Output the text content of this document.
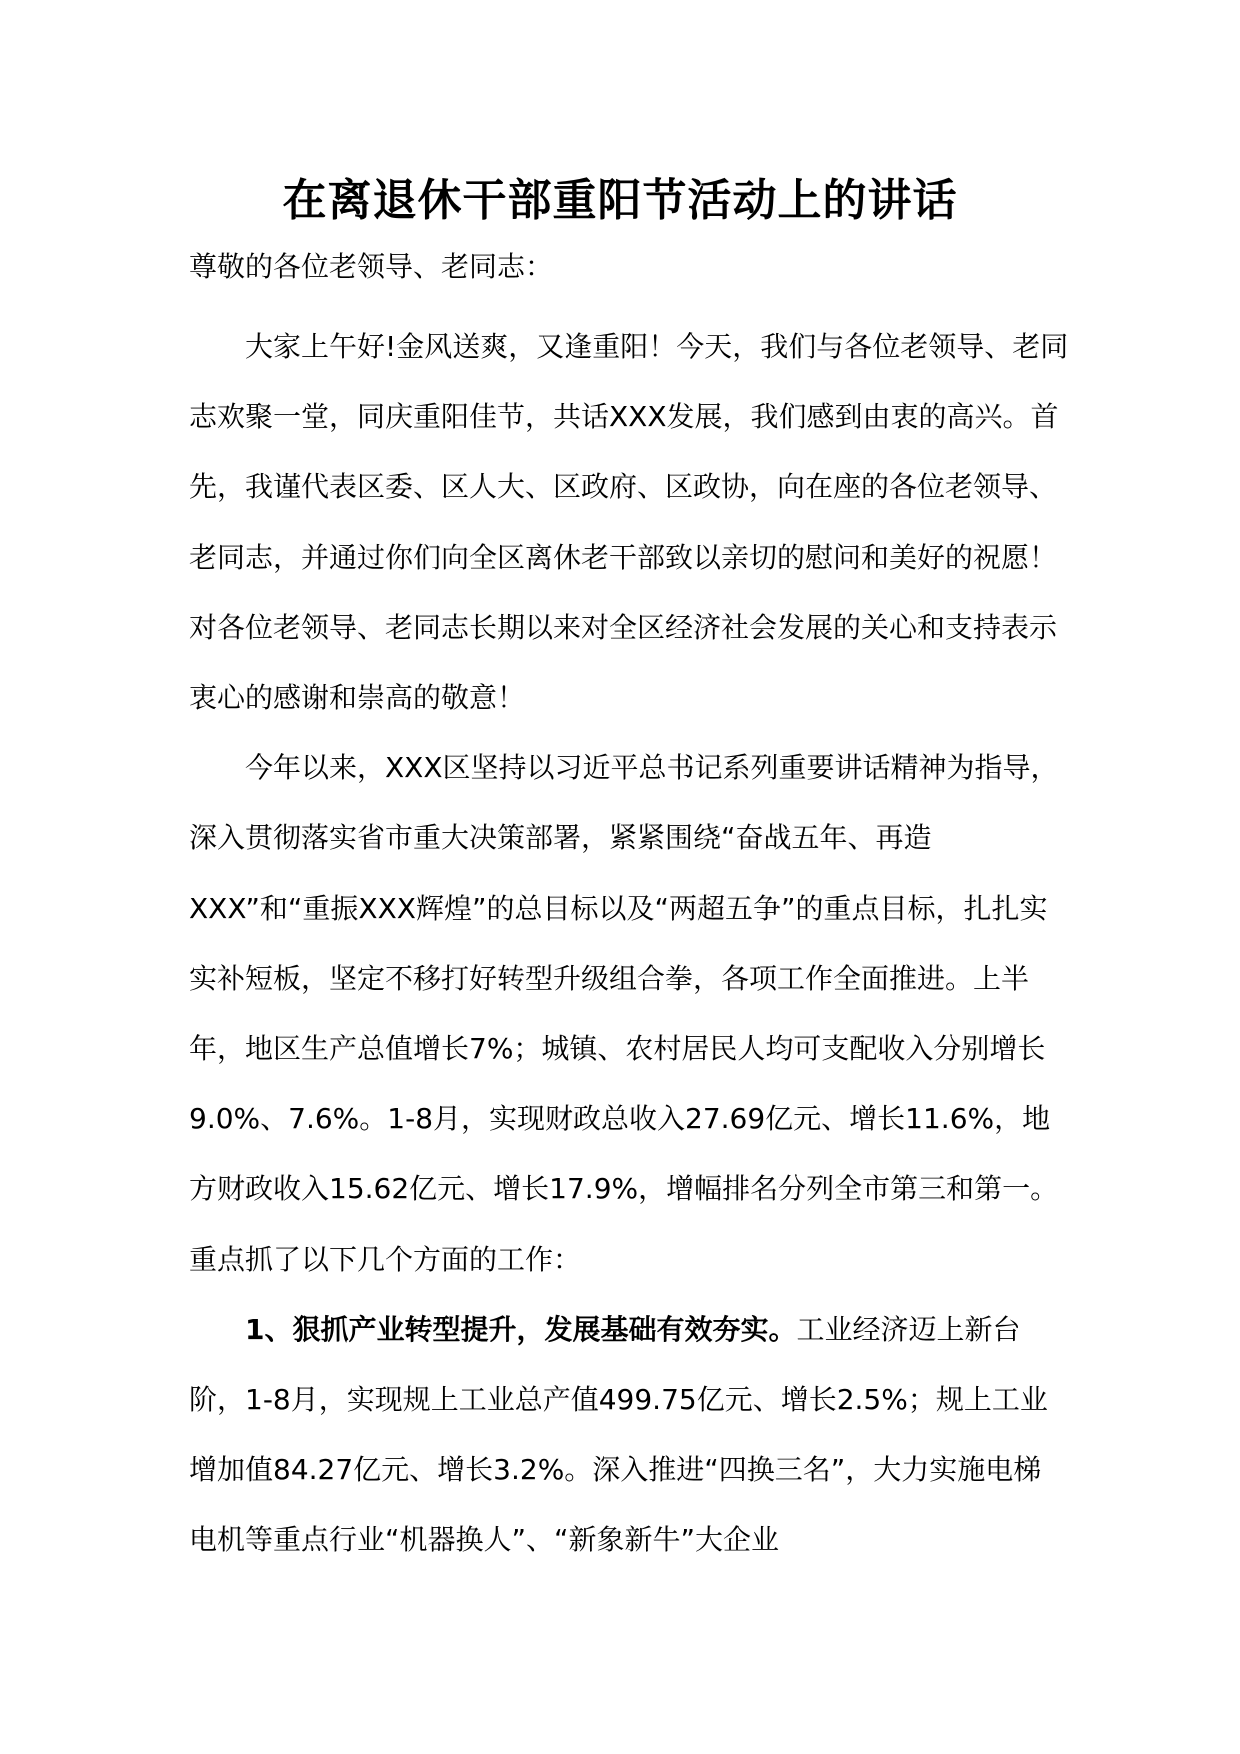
在离退休干部重阳节活动上的讲话

尊敬的各位老领导、老同志：

大家上午好!金风送爽，又逢重阳！今天，我们与各位老领导、老同志欢聚一堂，同庆重阳佳节，共话XXX发展，我们感到由衷的高兴。首先，我谨代表区委、区人大、区政府、区政协，向在座的各位老领导、老同志，并通过你们向全区离休老干部致以亲切的慰问和美好的祝愿！对各位老领导、老同志长期以来对全区经济社会发展的关心和支持表示衷心的感谢和崇高的敬意！

今年以来，XXX区坚持以习近平总书记系列重要讲话精神为指导，深入贯彻落实省市重大决策部署，紧紧围绕“奋战五年、再造XXX”和“重振XXX辉煌”的总目标以及“两超五争”的重点目标，扎扎实实补短板，坚定不移打好转型升级组合拳，各项工作全面推进。上半年，地区生产总值增长7%；城镇、农村居民人均可支配收入分别增长9.0%、7.6%。1-8月，实现财政总收入27.69亿元、增长11.6%，地方财政收入15.62亿元、增长17.9%，增幅排名分列全市第三和第一。重点抓了以下几个方面的工作：

1、狠抓产业转型提升，发展基础有效夯实。工业经济迈上新台阶，1-8月，实现规上工业总产值499.75亿元、增长2.5%；规上工业增加值84.27亿元、增长3.2%。深入推进“四换三名”，大力实施电梯电机等重点行业“机器换人”、“新象新牛”大企业
